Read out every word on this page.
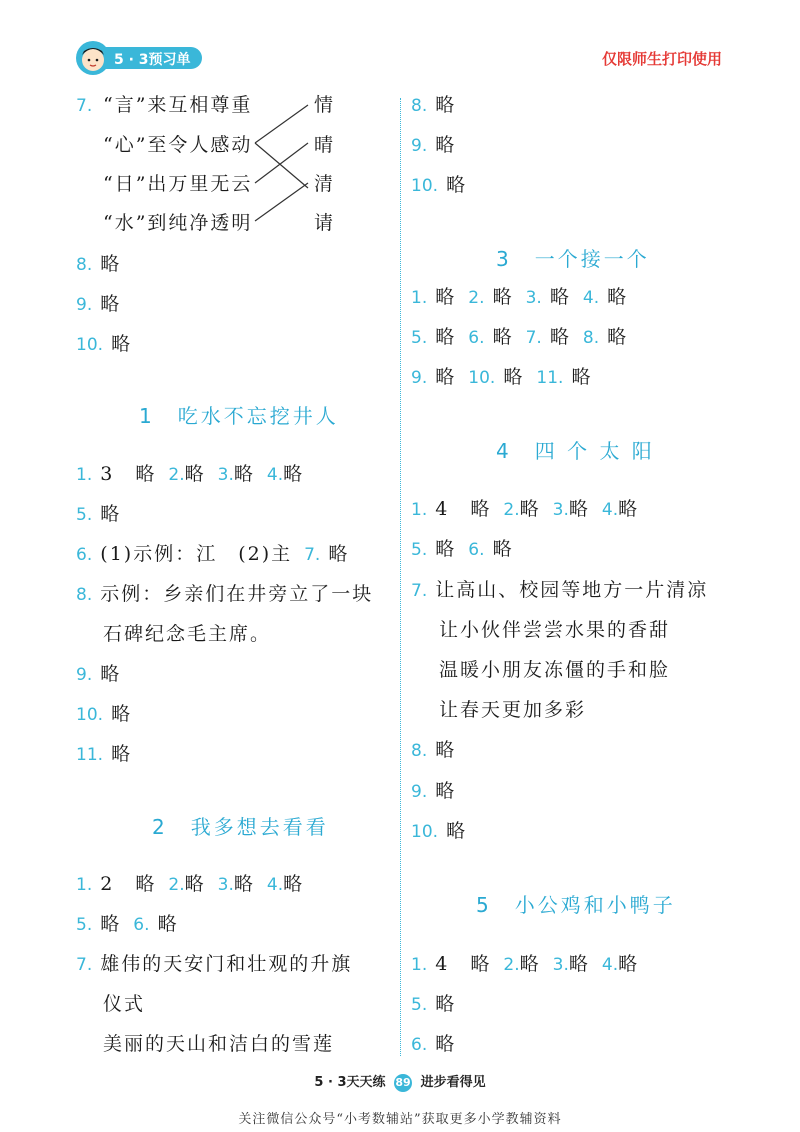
5 · 3预习单	仅限师生打印使用
7. “言”来互相尊重
“心”至令人感动
“日”出万里无云
“水”到纯净透明
情
晴
清
请
8. 略
9. 略
10. 略
1　吃水不忘挖井人
1. 3　略 2.略 3.略 4.略
5. 略
6. (1)示例：江　(2)主 7. 略
8. 示例：乡亲们在井旁立了一块
石碑纪念毛主席。
9. 略
10. 略
11. 略
2　我多想去看看
1. 2　略 2.略 3.略 4.略
5. 略 6. 略
7. 雄伟的天安门和壮观的升旗
仪式
美丽的天山和洁白的雪莲
8. 略
9. 略
10. 略
3　一个接一个
1. 略 2. 略 3. 略 4. 略
5. 略 6. 略 7. 略 8. 略
9. 略 10. 略 11. 略
4　四 个 太 阳
1. 4　略 2.略 3.略 4.略
5. 略 6. 略
7. 让高山、校园等地方一片清凉
让小伙伴尝尝水果的香甜
温暖小朋友冻僵的手和脸
让春天更加多彩
8. 略
9. 略
10. 略
5　小公鸡和小鸭子
1. 4　略 2.略 3.略 4.略
5. 略
6. 略
5 · 3天天练 89 进步看得见
关注微信公众号“小考数辅站”获取更多小学教辅资料
